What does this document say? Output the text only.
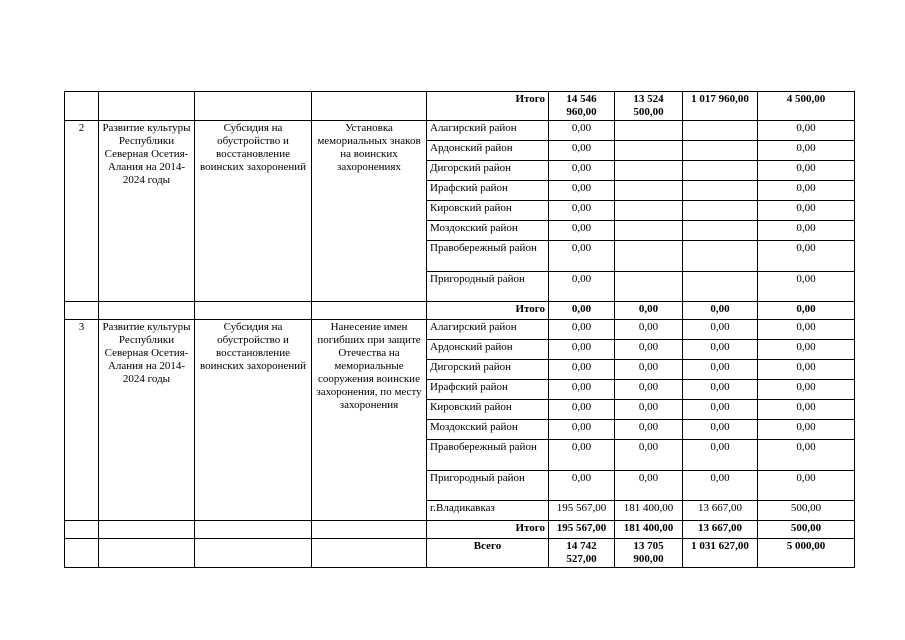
				Итого	14 546 960,00	13 524 500,00	1 017 960,00	4 500,00
2	Развитие культуры Республики Северная Осетия-Алания на 2014-2024 годы	Субсидия на обустройство и восстановление воинских захоронений	Установка мемориальных знаков на воинских захоронениях	Алагирский район	0,00			0,00
				Ардонский район	0,00			0,00
				Дигорский район	0,00			0,00
				Ирафский район	0,00			0,00
				Кировский район	0,00			0,00
				Моздокский район	0,00			0,00
				Правобережный район	0,00			0,00
				Пригородный район	0,00			0,00
				Итого	0,00	0,00	0,00	0,00
3	Развитие культуры Республики Северная Осетия-Алания на 2014-2024 годы	Субсидия на обустройство и восстановление воинских захоронений	Нанесение имен погибших при защите Отечества на мемориальные сооружения воинские захоронения, по месту захоронения	Алагирский район	0,00	0,00	0,00	0,00
				Ардонский район	0,00	0,00	0,00	0,00
				Дигорский район	0,00	0,00	0,00	0,00
				Ирафский район	0,00	0,00	0,00	0,00
				Кировский район	0,00	0,00	0,00	0,00
				Моздокский район	0,00	0,00	0,00	0,00
				Правобережный район	0,00	0,00	0,00	0,00
				Пригородный район	0,00	0,00	0,00	0,00
				г.Владикавказ	195 567,00	181 400,00	13 667,00	500,00
				Итого	195 567,00	181 400,00	13 667,00	500,00
				Всего	14 742 527,00	13 705 900,00	1 031 627,00	5 000,00
